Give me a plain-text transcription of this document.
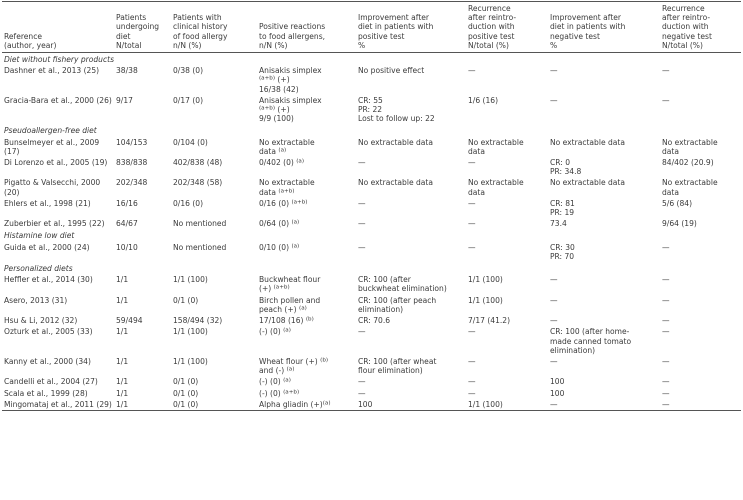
Reference
(author, year)	Patients
undergoing
diet
N/total	Patients with
clinical history
of food allergy
n/N (%)	Positive reactions
to food allergens,
n/N (%)	Improvement after
diet in patients with
positive test
%	Recurrence
after reintro-
duction with
positive test
N/total (%)	Improvement after
diet in patients with
negative test
%	Recurrence
after reintro-
duction with
negative test
N/total (%)

Diet without fishery products							
Dashner et al., 2013 (25)	38/38	0/38 (0)	Anisakis simplex
$^{(a+b)}$ (+)
16/38 (42)	No positive effect	—	—	—

Gracia-Bara et al., 2000 (26)	9/17	0/17 (0)	Anisakis simplex
$^{(a+b)}$ (+)
9/9 (100)	CR: 55
PR: 22
Lost to follow up: 22	1/6 (16)	—	—

Pseudoallergen-free diet							
Bunselmeyer et al., 2009 (17)	104/153	0/104 (0)	No extractable
data $^{(a)}$	No extractable data	No extractable
data	No extractable data	No extractable
data

Di Lorenzo et al., 2005 (19)	838/838	402/838 (48)	0/402 (0) $^{(a)}$	—	—	CR: 0
PR: 34.8	84/402 (20.9)

Pigatto & Valsecchi, 2000 (20)	202/348	202/348 (58)	No extractable
data $^{(a+b)}$	No extractable data	No extractable
data	No extractable data	No extractable
data

Ehlers et al., 1998 (21)	16/16	0/16 (0)	0/16 (0) $^{(a+b)}$	—	—	CR: 81
PR: 19	5/6 (84)

Zuberbier et al., 1995 (22)	64/67	No mentioned	0/64 (0) $^{(a)}$	—	—	73.4	9/64 (19)

Histamine low diet							
Guida et al., 2000 (24)	10/10	No mentioned	0/10 (0) $^{(a)}$	—	—	CR: 30
PR: 70	—

Personalized diets							
Heffler et al., 2014 (30)	1/1	1/1 (100)	Buckwheat flour
(+) $^{(a+b)}$	CR: 100 (after
buckwheat elimination)	1/1 (100)	—	—

Asero, 2013 (31)	1/1	0/1 (0)	Birch pollen and
peach (+) $^{(a)}$	CR: 100 (after peach
elimination)	1/1 (100)	—	—

Hsu & Li, 2012 (32)	59/494	158/494 (32)	17/108 (16) $^{(b)}$	CR: 70.6	7/17 (41.2)	—	—

Ozturk et al., 2005 (33)	1/1	1/1 (100)	(-) (0) $^{(a)}$	—	—	CR: 100 (after home-
made canned tomato
elimination)	—

Kanny et al., 2000 (34)	1/1	1/1 (100)	Wheat flour (+) $^{(b)}$
and (-) $^{(a)}$	CR: 100 (after wheat
flour elimination)	—	—	—

Candelli et al., 2004 (27)	1/1	0/1 (0)	(-) (0) $^{(a)}$	—	—	100	—

Scala et al., 1999 (28)	1/1	0/1 (0)	(-) (0) $^{(a+b)}$	—	—	100	—

Mingomataj et al., 2011 (29)	1/1	0/1 (0)	Alpha gliadin $(+)^{(a)}$	100	1/1 (100)	—	—
